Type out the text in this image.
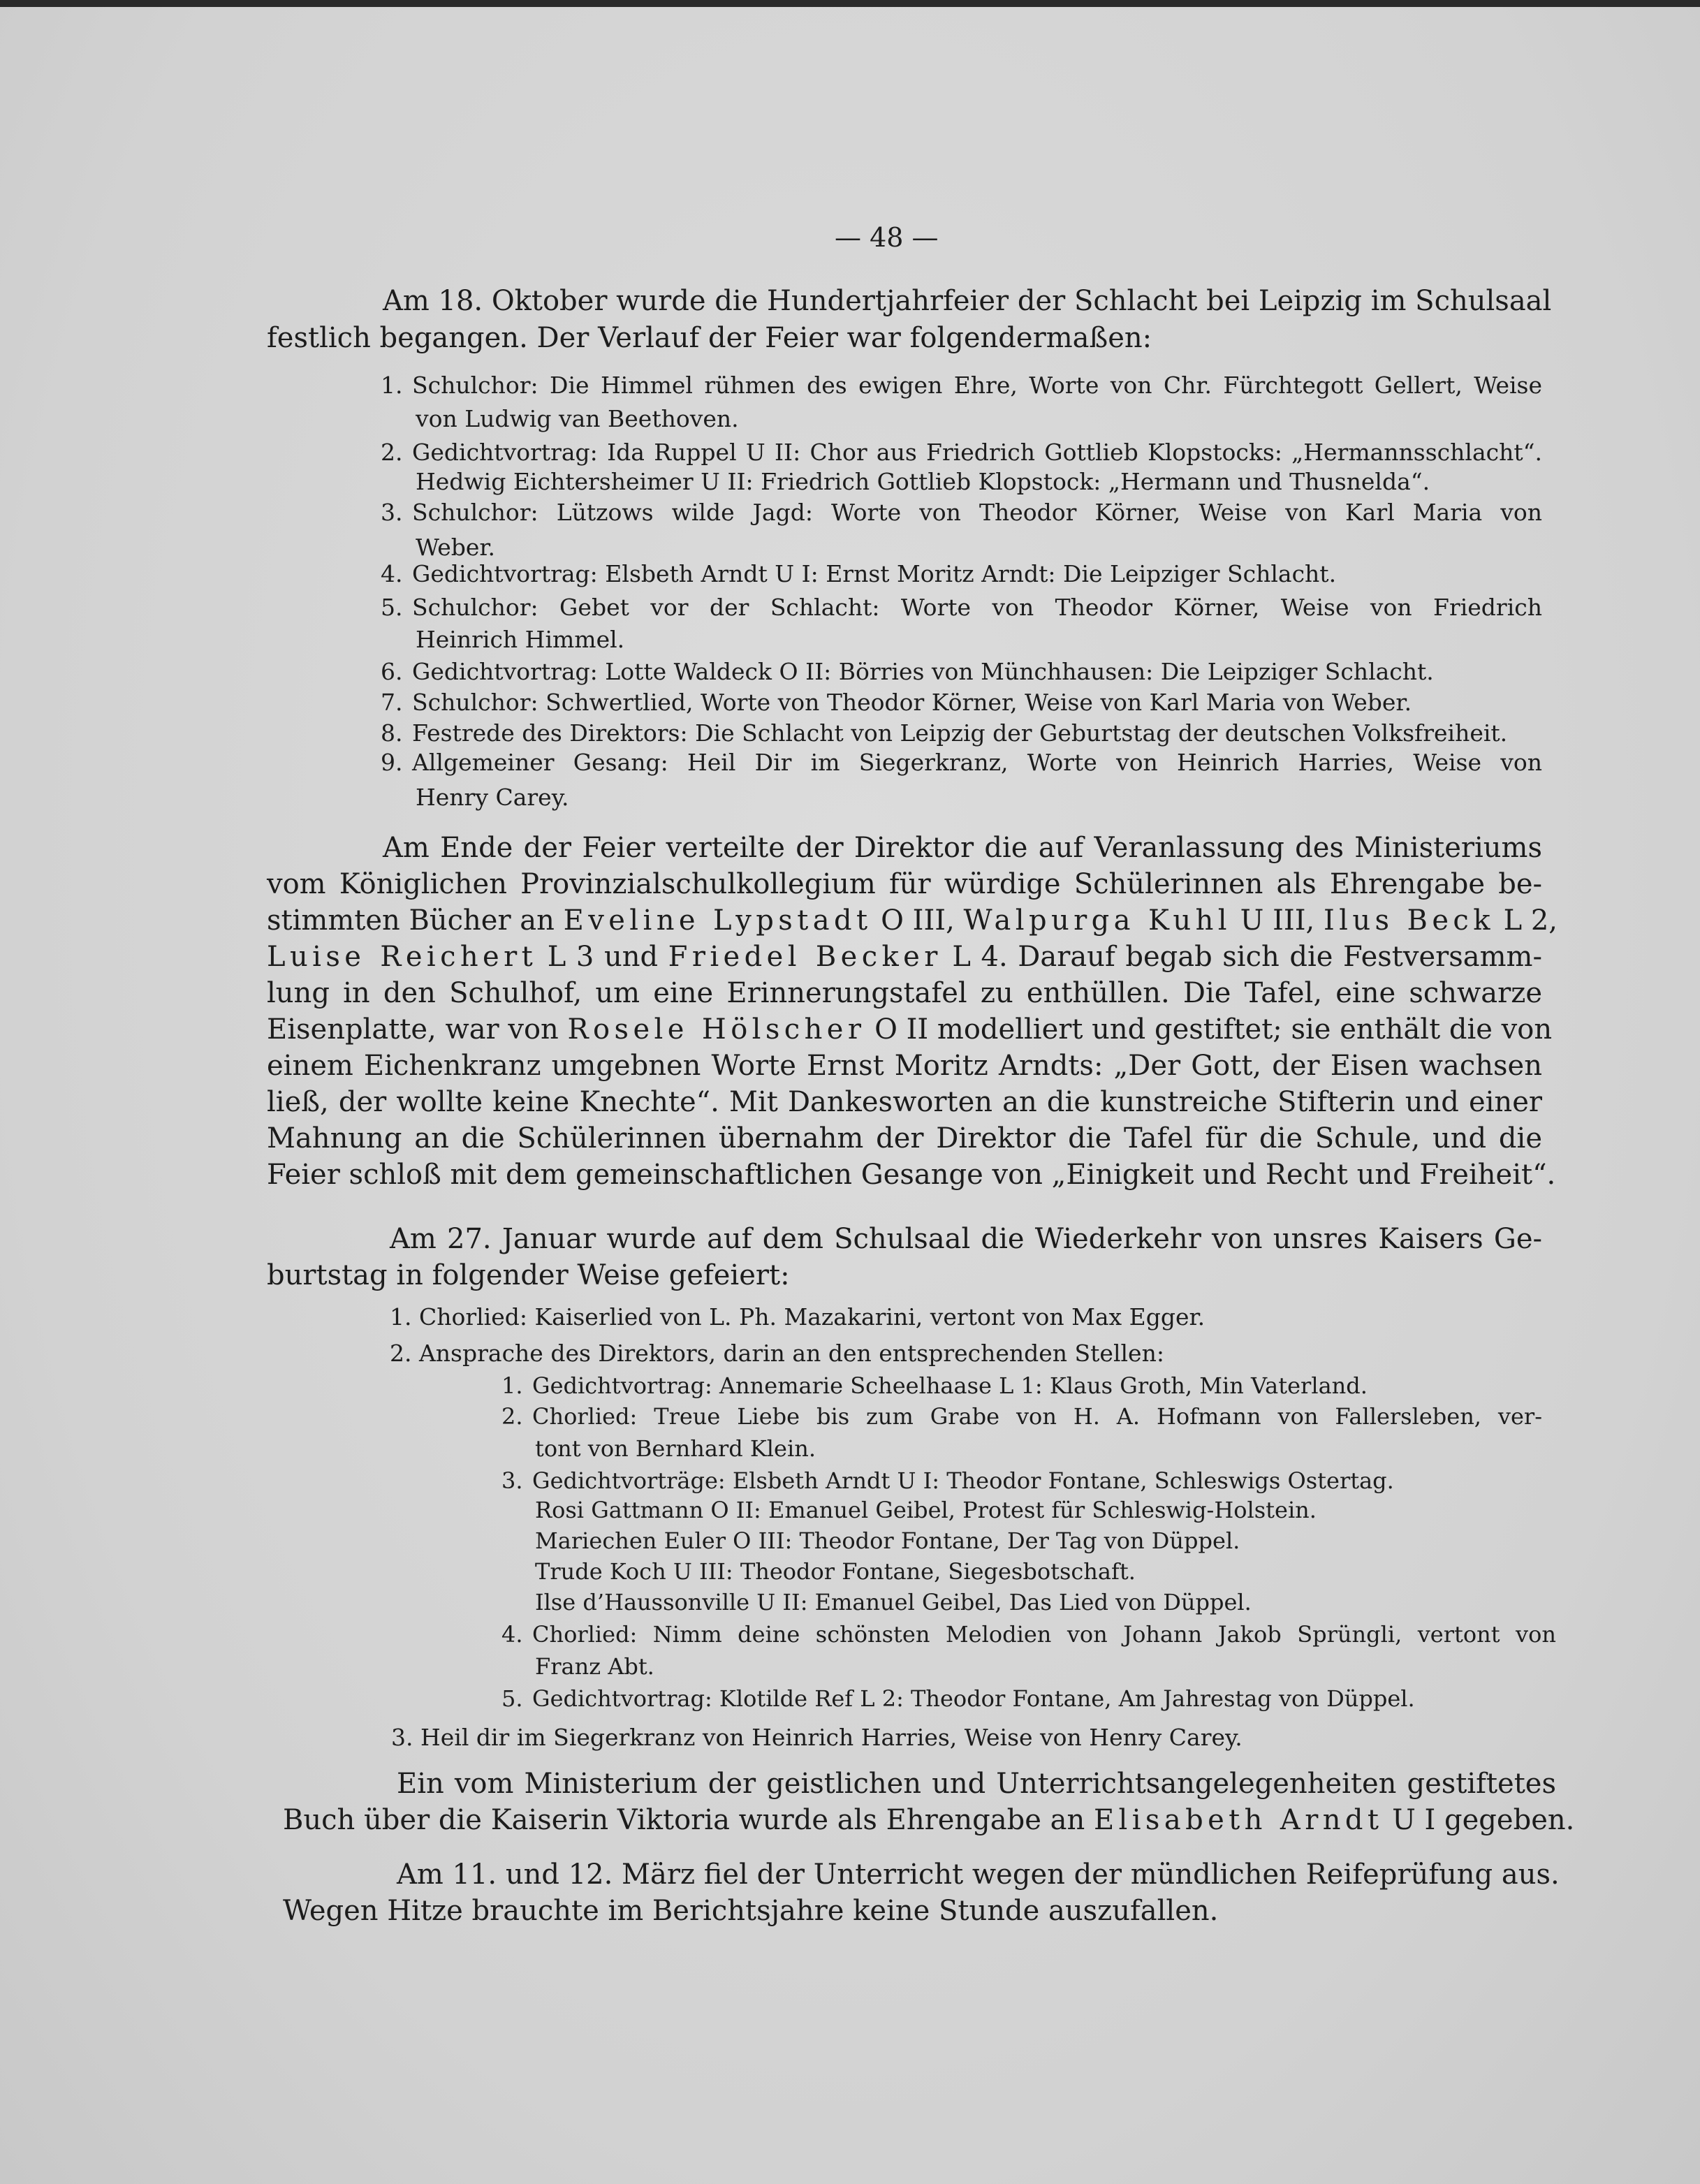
— 48 —
Am 18. Oktober wurde die Hundertjahrfeier der Schlacht bei Leipzig im Schulsaal
festlich begangen. Der Verlauf der Feier war folgendermaßen:
1. Schulchor: Die Himmel rühmen des ewigen Ehre, Worte von Chr. Fürchtegott Gellert, Weise
von Ludwig van Beethoven.
2. Gedichtvortrag: Ida Ruppel U II: Chor aus Friedrich Gottlieb Klopstocks: „Hermannsschlacht“.
Hedwig Eichtersheimer U II: Friedrich Gottlieb Klopstock: „Hermann und Thusnelda“.
3. Schulchor: Lützows wilde Jagd: Worte von Theodor Körner, Weise von Karl Maria von
Weber.
4. Gedichtvortrag: Elsbeth Arndt U I: Ernst Moritz Arndt: Die Leipziger Schlacht.
5. Schulchor: Gebet vor der Schlacht: Worte von Theodor Körner, Weise von Friedrich
Heinrich Himmel.
6. Gedichtvortrag: Lotte Waldeck O II: Börries von Münchhausen: Die Leipziger Schlacht.
7. Schulchor: Schwertlied, Worte von Theodor Körner, Weise von Karl Maria von Weber.
8. Festrede des Direktors: Die Schlacht von Leipzig der Geburtstag der deutschen Volksfreiheit.
9. Allgemeiner Gesang: Heil Dir im Siegerkranz, Worte von Heinrich Harries, Weise von
Henry Carey.
Am Ende der Feier verteilte der Direktor die auf Veranlassung des Ministeriums
vom Königlichen Provinzialschulkollegium für würdige Schülerinnen als Ehrengabe be-
stimmten Bücher an Eveline Lypstadt O III, Walpurga Kuhl U III, Ilus Beck L 2,
Luise Reichert L 3 und Friedel Becker L 4. Darauf begab sich die Festversamm-
lung in den Schulhof, um eine Erinnerungstafel zu enthüllen. Die Tafel, eine schwarze
Eisenplatte, war von Rosele Hölscher O II modelliert und gestiftet; sie enthält die von
einem Eichenkranz umgebnen Worte Ernst Moritz Arndts: „Der Gott, der Eisen wachsen
ließ, der wollte keine Knechte“. Mit Dankesworten an die kunstreiche Stifterin und einer
Mahnung an die Schülerinnen übernahm der Direktor die Tafel für die Schule, und die
Feier schloß mit dem gemeinschaftlichen Gesange von „Einigkeit und Recht und Freiheit“.
Am 27. Januar wurde auf dem Schulsaal die Wiederkehr von unsres Kaisers Ge-
burtstag in folgender Weise gefeiert:
1. Chorlied: Kaiserlied von L. Ph. Mazakarini, vertont von Max Egger.
2. Ansprache des Direktors, darin an den entsprechenden Stellen:
1. Gedichtvortrag: Annemarie Scheelhaase L 1: Klaus Groth, Min Vaterland.
2. Chorlied: Treue Liebe bis zum Grabe von H. A. Hofmann von Fallersleben, ver-
tont von Bernhard Klein.
3. Gedichtvorträge: Elsbeth Arndt U I: Theodor Fontane, Schleswigs Ostertag.
Rosi Gattmann O II: Emanuel Geibel, Protest für Schleswig-Holstein.
Mariechen Euler O III: Theodor Fontane, Der Tag von Düppel.
Trude Koch U III: Theodor Fontane, Siegesbotschaft.
Ilse d’Haussonville U II: Emanuel Geibel, Das Lied von Düppel.
4. Chorlied: Nimm deine schönsten Melodien von Johann Jakob Sprüngli, vertont von
Franz Abt.
5. Gedichtvortrag: Klotilde Ref L 2: Theodor Fontane, Am Jahrestag von Düppel.
3. Heil dir im Siegerkranz von Heinrich Harries, Weise von Henry Carey.
Ein vom Ministerium der geistlichen und Unterrichtsangelegenheiten gestiftetes
Buch über die Kaiserin Viktoria wurde als Ehrengabe an Elisabeth Arndt U I gegeben.
Am 11. und 12. März fiel der Unterricht wegen der mündlichen Reifeprüfung aus.
Wegen Hitze brauchte im Berichtsjahre keine Stunde auszufallen.
